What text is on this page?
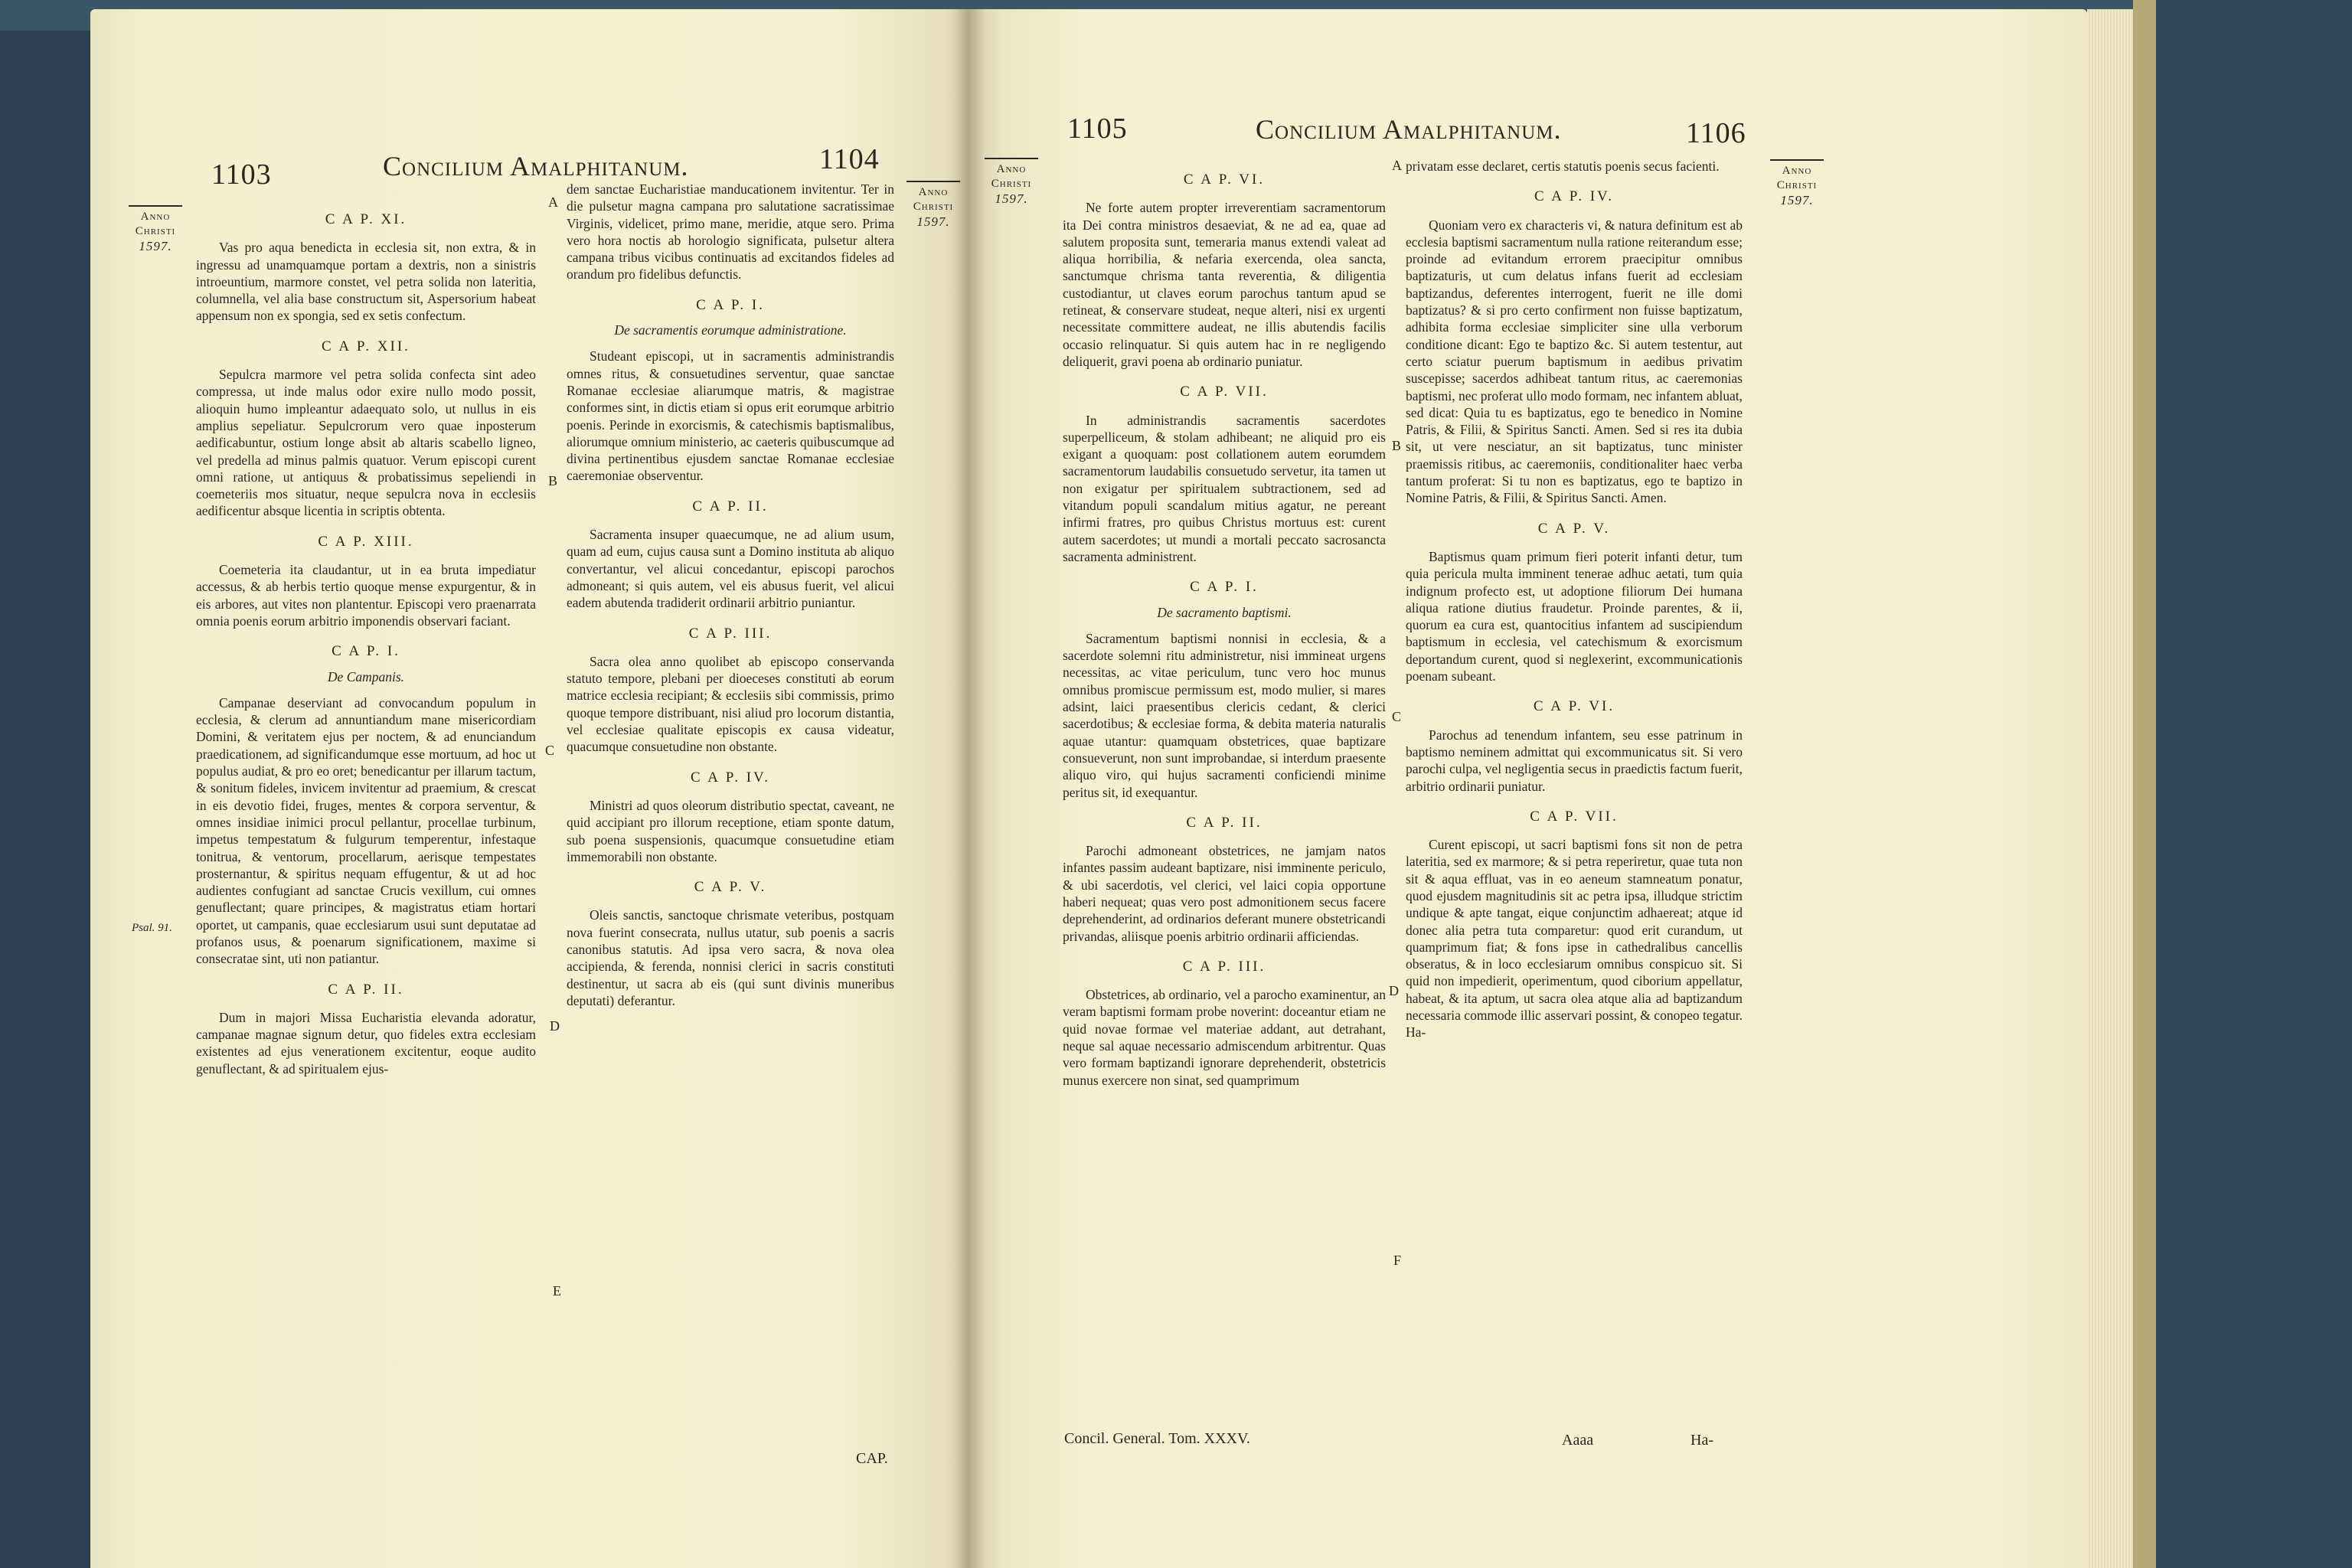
1103	Concilium Amalphitanum.	1104
Anno
Christi
1597.
Anno
Christi
1597.
Psal. 91.
C A P. XI.
Vas pro aqua benedicta in ecclesia sit, non extra, & in ingressu ad unamquamque portam a dextris, non a sinistris introeuntium, marmore constet, vel petra solida non lateritia, columnella, vel alia base constructum sit, Aspersorium habeat appensum non ex spongia, sed ex setis confectum.
C A P. XII.
Sepulcra marmore vel petra solida confecta sint adeo compressa, ut inde malus odor exire nullo modo possit, alioquin humo impleantur adaequato solo, ut nullus in eis amplius sepeliatur. Sepulcrorum vero quae inposterum aedificabuntur, ostium longe absit ab altaris scabello ligneo, vel predella ad minus palmis quatuor. Verum episcopi curent omni ratione, ut antiquus & probatissimus sepeliendi in coemeteriis mos situatur, neque sepulcra nova in ecclesiis aedificentur absque licentia in scriptis obtenta.
C A P. XIII.
Coemeteria ita claudantur, ut in ea bruta impediatur accessus, & ab herbis tertio quoque mense expurgentur, & in eis arbores, aut vites non plantentur. Episcopi vero praenarrata omnia poenis eorum arbitrio imponendis observari faciant.
C A P. I.
De Campanis.
Campanae deserviant ad convocandum populum in ecclesia, & clerum ad annuntiandum mane misericordiam Domini, & veritatem ejus per noctem, & ad enunciandum praedicationem, ad significandumque esse mortuum, ad hoc ut populus audiat, & pro eo oret; benedicantur per illarum tactum, & sonitum fideles, invicem invitentur ad praemium, & crescat in eis devotio fidei, fruges, mentes & corpora serventur, & omnes insidiae inimici procul pellantur, procellae turbinum, impetus tempestatum & fulgurum temperentur, infestaque tonitrua, & ventorum, procellarum, aerisque tempestates prosternantur, & spiritus nequam effugentur, & ut ad hoc audientes confugiant ad sanctae Crucis vexillum, cui omnes genuflectant; quare principes, & magistratus etiam hortari oportet, ut campanis, quae ecclesiarum usui sunt deputatae ad profanos usus, & poenarum significationem, maxime si consecratae sint, uti non patiantur.
C A P. II.
Dum in majori Missa Eucharistia elevanda adoratur, campanae magnae signum detur, quo fideles extra ecclesiam existentes ad ejus venerationem excitentur, eoque audito genuflectant, & ad spiritualem ejus-
dem sanctae Eucharistiae manducationem invitentur. Ter in die pulsetur magna campana pro salutatione sacratissimae Virginis, videlicet, primo mane, meridie, atque sero. Prima vero hora noctis ab horologio significata, pulsetur altera campana tribus vicibus continuatis ad excitandos fideles ad orandum pro fidelibus defunctis.
C A P. I.
De sacramentis eorumque administratione.
Studeant episcopi, ut in sacramentis administrandis omnes ritus, & consuetudines serventur, quae sanctae Romanae ecclesiae aliarumque matris, & magistrae conformes sint, in dictis etiam si opus erit eorumque arbitrio poenis. Perinde in exorcismis, & catechismis baptismalibus, aliorumque omnium ministerio, ac caeteris quibuscumque ad divina pertinentibus ejusdem sanctae Romanae ecclesiae caeremoniae observentur.
C A P. II.
Sacramenta insuper quaecumque, ne ad alium usum, quam ad eum, cujus causa sunt a Domino instituta ab aliquo convertantur, vel alicui concedantur, episcopi parochos admoneant; si quis autem, vel eis abusus fuerit, vel alicui eadem abutenda tradiderit ordinarii arbitrio puniantur.
C A P. III.
Sacra olea anno quolibet ab episcopo conservanda statuto tempore, plebani per dioeceses constituti ab eorum matrice ecclesia recipiant; & ecclesiis sibi commissis, primo quoque tempore distribuant, nisi aliud pro locorum distantia, vel ecclesiae qualitate episcopis ex causa videatur, quacumque consuetudine non obstante.
C A P. IV.
Ministri ad quos oleorum distributio spectat, caveant, ne quid accipiant pro illorum receptione, etiam sponte datum, sub poena suspensionis, quacumque consuetudine etiam immemorabili non obstante.
C A P. V.
Oleis sanctis, sanctoque chrismate veteribus, postquam nova fuerint consecrata, nullus utatur, sub poenis a sacris canonibus statutis. Ad ipsa vero sacra, & nova olea accipienda, & ferenda, nonnisi clerici in sacris constituti destinentur, ut sacra ab eis (qui sunt divinis muneribus deputati) deferantur.
A
B
C
D
E
CAP.
1105	Concilium Amalphitanum.	1106
Anno
Christi
1597.
Anno
Christi
1597.
C A P. VI.
Ne forte autem propter irreverentiam sacramentorum ita Dei contra ministros desaeviat, & ne ad ea, quae ad salutem proposita sunt, temeraria manus extendi valeat ad aliqua horribilia, & nefaria exercenda, olea sancta, sanctumque chrisma tanta reverentia, & diligentia custodiantur, ut claves eorum parochus tantum apud se retineat, & conservare studeat, neque alteri, nisi ex urgenti necessitate committere audeat, ne illis abutendis facilis occasio relinquatur. Si quis autem hac in re negligendo deliquerit, gravi poena ab ordinario puniatur.
C A P. VII.
In administrandis sacramentis sacerdotes superpelliceum, & stolam adhibeant; ne aliquid pro eis exigant a quoquam: post collationem autem eorumdem sacramentorum laudabilis consuetudo servetur, ita tamen ut non exigatur per spiritualem subtractionem, sed ad vitandum populi scandalum mitius agatur, ne pereant infirmi fratres, pro quibus Christus mortuus est: curent autem sacerdotes; ut mundi a mortali peccato sacrosancta sacramenta administrent.
C A P. I.
De sacramento baptismi.
Sacramentum baptismi nonnisi in ecclesia, & a sacerdote solemni ritu administretur, nisi immineat urgens necessitas, ac vitae periculum, tunc vero hoc munus omnibus promiscue permissum est, modo mulier, si mares adsint, laici praesentibus clericis cedant, & clerici sacerdotibus; & ecclesiae forma, & debita materia naturalis aquae utantur: quamquam obstetrices, quae baptizare consueverunt, non sunt improbandae, si interdum praesente aliquo viro, qui hujus sacramenti conficiendi minime peritus sit, id exequantur.
C A P. II.
Parochi admoneant obstetrices, ne jamjam natos infantes passim audeant baptizare, nisi imminente periculo, & ubi sacerdotis, vel clerici, vel laici copia opportune haberi nequeat; quas vero post admonitionem secus facere deprehenderint, ad ordinarios deferant munere obstetricandi privandas, aliisque poenis arbitrio ordinarii afficiendas.
C A P. III.
Obstetrices, ab ordinario, vel a parocho examinentur, an veram baptismi formam probe noverint: doceantur etiam ne quid novae formae vel materiae addant, aut detrahant, neque sal aquae necessario admiscendum arbitrentur. Quas vero formam baptizandi ignorare deprehenderit, obstetricis munus exercere non sinat, sed quamprimum
privatam esse declaret, certis statutis poenis secus facienti.
C A P. IV.
Quoniam vero ex characteris vi, & natura definitum est ab ecclesia baptismi sacramentum nulla ratione reiterandum esse; proinde ad evitandum errorem praecipitur omnibus baptizaturis, ut cum delatus infans fuerit ad ecclesiam baptizandus, deferentes interrogent, fuerit ne ille domi baptizatus? & si pro certo confirment non fuisse baptizatum, adhibita forma ecclesiae simpliciter sine ulla verborum conditione dicant: Ego te baptizo &c. Si autem testentur, aut certo sciatur puerum baptismum in aedibus privatim suscepisse; sacerdos adhibeat tantum ritus, ac caeremonias baptismi, nec proferat ullo modo formam, nec infantem abluat, sed dicat: Quia tu es baptizatus, ego te benedico in Nomine Patris, & Filii, & Spiritus Sancti. Amen. Sed si res ita dubia sit, ut vere nesciatur, an sit baptizatus, tunc minister praemissis ritibus, ac caeremoniis, conditionaliter haec verba tantum proferat: Si tu non es baptizatus, ego te baptizo in Nomine Patris, & Filii, & Spiritus Sancti. Amen.
C A P. V.
Baptismus quam primum fieri poterit infanti detur, tum quia pericula multa imminent tenerae adhuc aetati, tum quia indignum profecto est, ut adoptione filiorum Dei humana aliqua ratione diutius fraudetur. Proinde parentes, & ii, quorum ea cura est, quantocitius infantem ad suscipiendum baptismum in ecclesia, vel catechismum & exorcismum deportandum curent, quod si neglexerint, excommunicationis poenam subeant.
C A P. VI.
Parochus ad tenendum infantem, seu esse patrinum in baptismo neminem admittat qui excommunicatus sit. Si vero parochi culpa, vel negligentia secus in praedictis factum fuerit, arbitrio ordinarii puniatur.
C A P. VII.
Curent episcopi, ut sacri baptismi fons sit non de petra lateritia, sed ex marmore; & si petra reperiretur, quae tuta non sit & aqua effluat, vas in eo aeneum stamneatum ponatur, quod ejusdem magnitudinis sit ac petra ipsa, illudque strictim undique & apte tangat, eique conjunctim adhaereat; atque id donec alia petra tuta comparetur: quod erit curandum, ut quamprimum fiat; & fons ipse in cathedralibus cancellis obseratus, & in loco ecclesiarum omnibus conspicuo sit. Si quid non impedierit, operimentum, quod ciborium appellatur, habeat, & ita aptum, ut sacra olea atque alia ad baptizandum necessaria commode illic asservari possint, & conopeo tegatur. Ha-
A
B
C
D
F
Concil. General. Tom. XXXV.	Aaaa	Ha-
